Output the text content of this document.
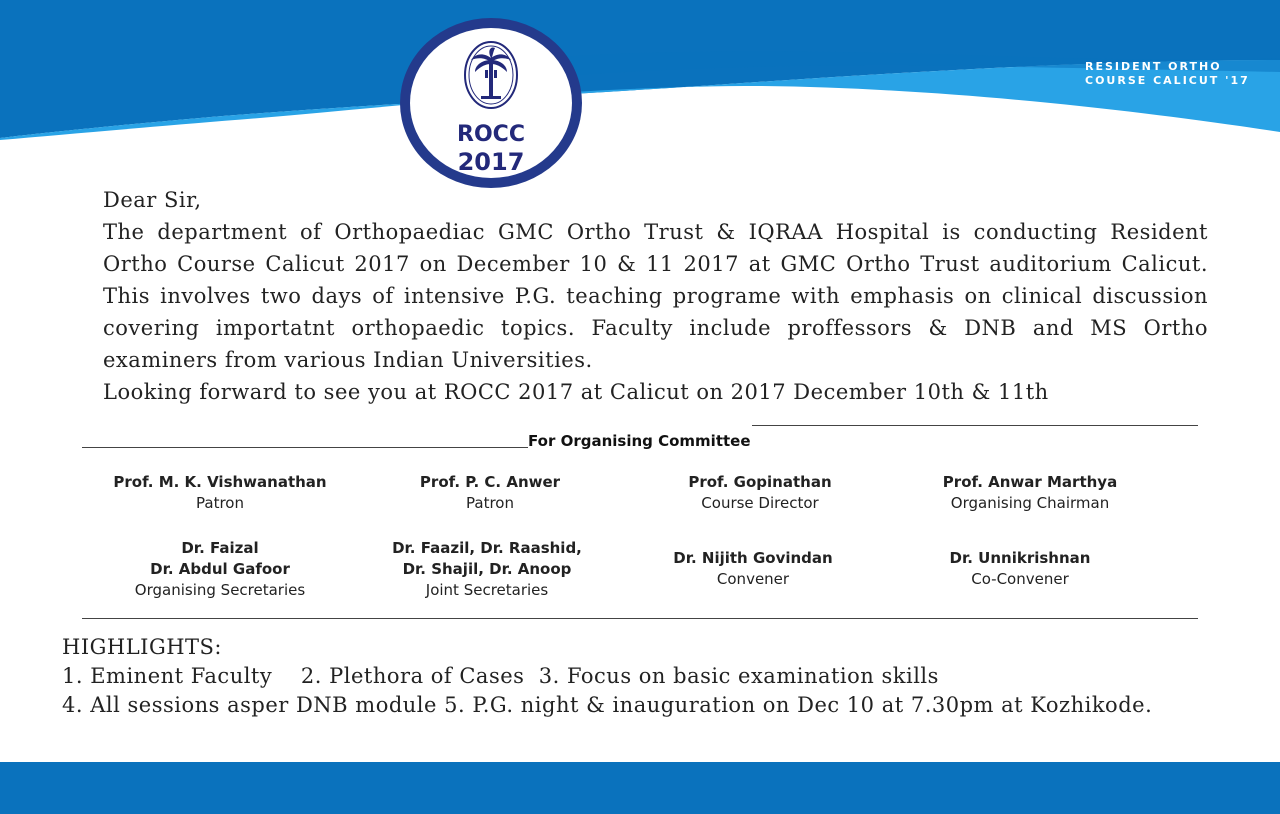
ROCC
2017
RESIDENT ORTHO
COURSE CALICUT '17

Dear Sir,

The department of Orthopaediac GMC Ortho Trust & IQRAA Hospital is conducting Resident Ortho Course Calicut 2017 on December 10 & 11 2017 at GMC Ortho Trust auditorium Calicut. This involves two days of intensive P.G. teaching programe with emphasis on clinical discussion covering importatnt orthopaedic topics. Faculty include proffessors & DNB and MS Ortho examiners from various Indian Universities.

Looking forward to see you at ROCC 2017 at Calicut on 2017 December 10th & 11th

For Organising Committee
Prof. M. K. Vishwanathan
Patron
Prof. P. C. Anwer
Patron
Prof. Gopinathan
Course Director
Prof. Anwar Marthya
Organising Chairman
Dr. Faizal
Dr. Abdul Gafoor
Organising Secretaries
Dr. Faazil, Dr. Raashid,
Dr. Shajil, Dr. Anoop
Joint Secretaries
Dr. Nijith Govindan
Convener
Dr. Unnikrishnan
Co-Convener

HIGHLIGHTS:

1. Eminent Faculty    2. Plethora of Cases  3. Focus on basic examination skills

4. All sessions asper DNB module 5. P.G. night & inauguration on Dec 10 at 7.30pm at Kozhikode.
